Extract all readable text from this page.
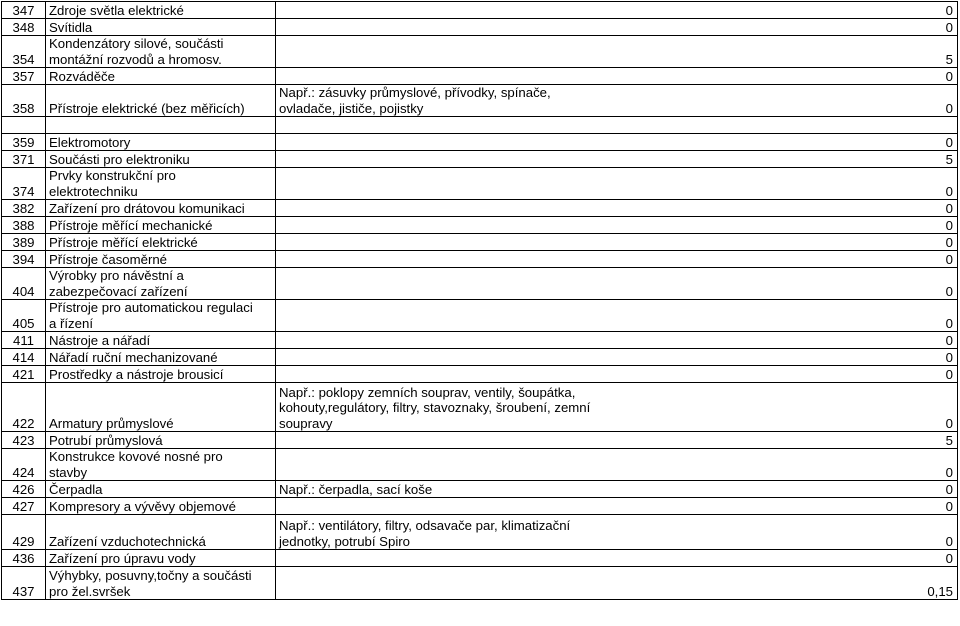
347	Zdroje světla elektrické		0
348	Svítidla		0
354	Kondenzátory silové, součásti
montážní rozvodů a hromosv.		5
357	Rozváděče		0
358	Přístroje elektrické (bez měřicích)	Např.: zásuvky průmyslové, přívodky, spínače,
ovladače, jističe, pojistky	0

359	Elektromotory		0
371	Součásti pro elektroniku		5
374	Prvky konstrukční pro
elektrotechniku		0
382	Zařízení pro drátovou komunikaci		0
388	Přístroje měřící mechanické		0
389	Přístroje měřící elektrické		0
394	Přístroje časoměrné		0
404	Výrobky pro návěstní a
zabezpečovací zařízení		0
405	Přístroje pro automatickou regulaci
a řízení		0
411	Nástroje a nářadí		0
414	Nářadí ruční mechanizované		0
421	Prostředky a nástroje brousicí		0
422	Armatury průmyslové	Např.: poklopy zemních souprav, ventily, šoupátka,
kohouty,regulátory, filtry, stavoznaky, šroubení, zemní
soupravy	0
423	Potrubí průmyslová		5
424	Konstrukce kovové nosné pro
stavby		0
426	Čerpadla	Např.: čerpadla, sací koše	0
427	Kompresory a vývěvy objemové		0
429	Zařízení vzduchotechnická	Např.: ventilátory, filtry, odsavače par, klimatizační
jednotky, potrubí Spiro	0
436	Zařízení pro úpravu vody		0
437	Výhybky, posuvny,točny a součásti
pro žel.svršek		0,15
